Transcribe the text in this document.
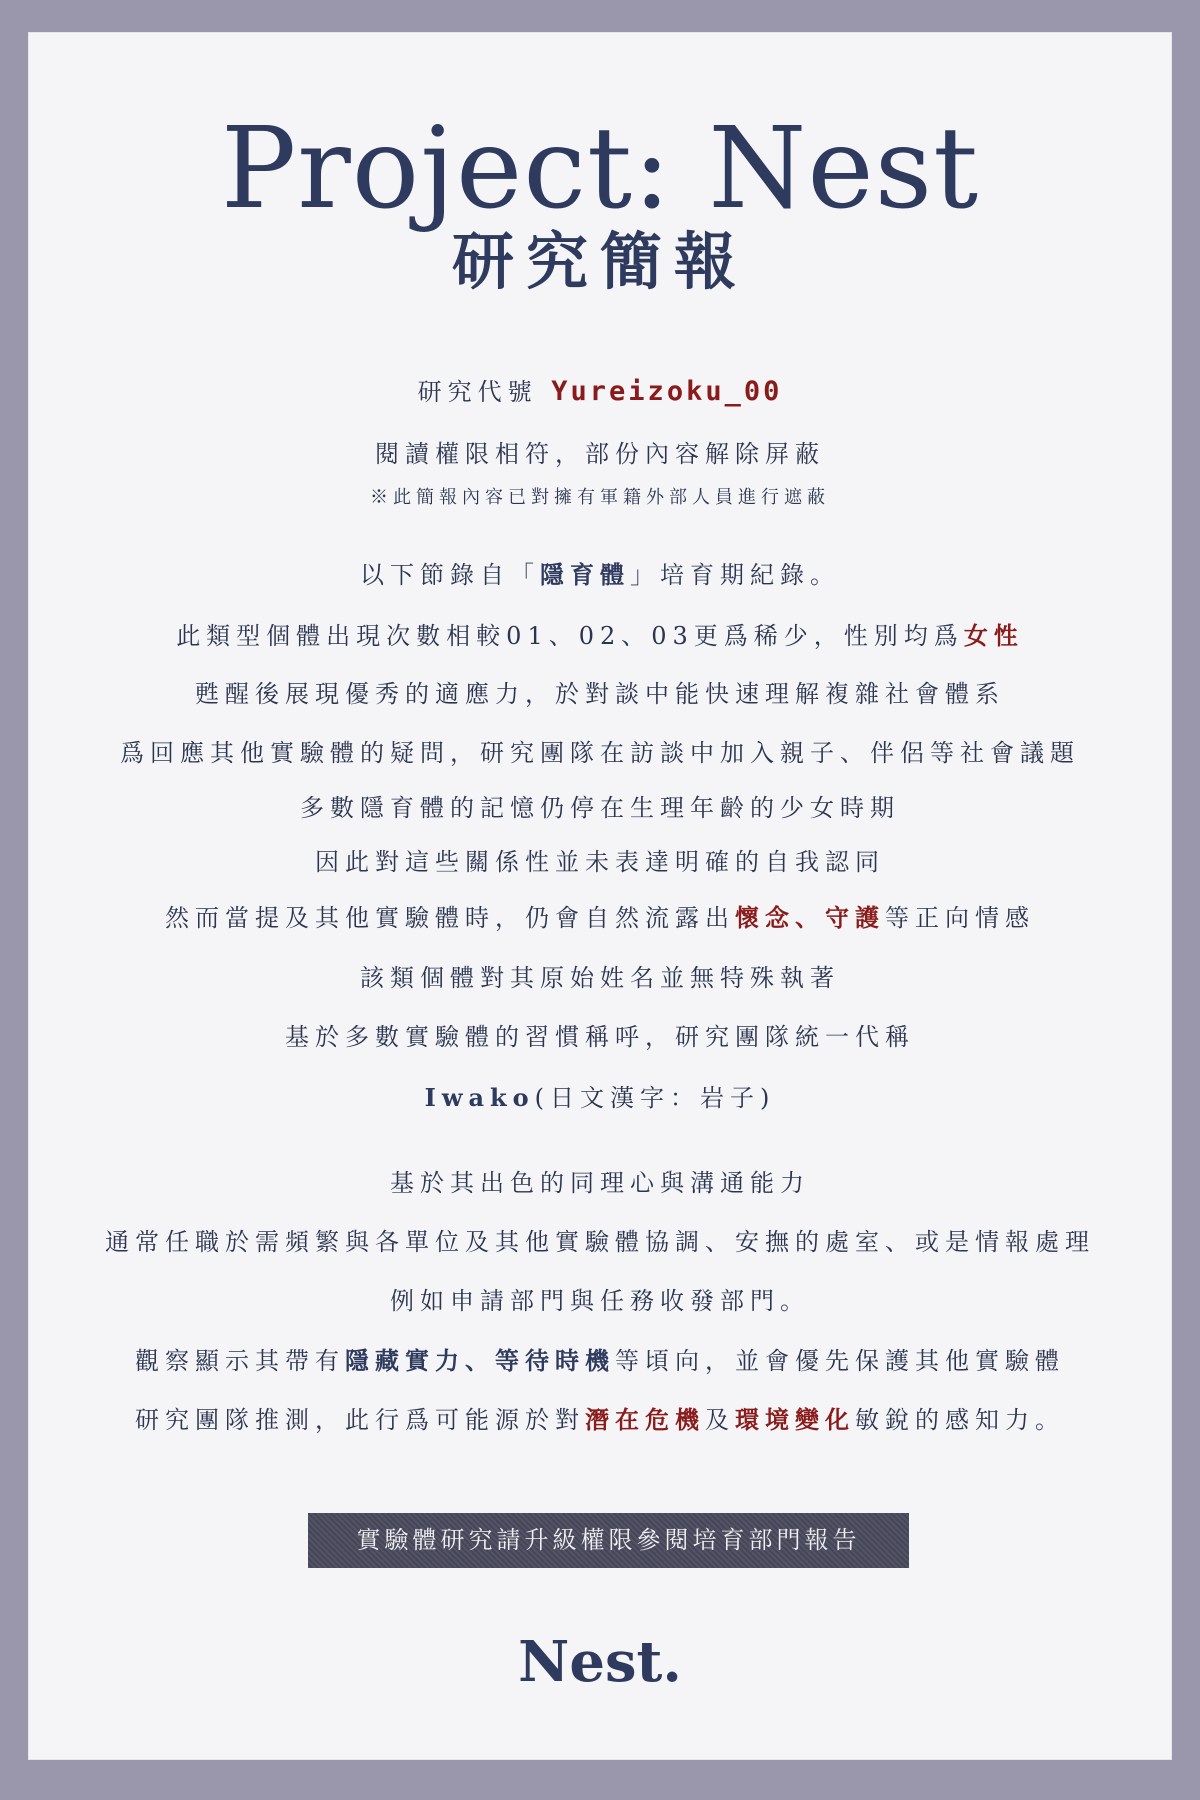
Project: Nest
研究簡報
研究代號 Yureizoku_00
閱讀權限相符，部份內容解除屏蔽
※此簡報內容已對擁有軍籍外部人員進行遮蔽
以下節錄自「隱育體」培育期紀錄。
此類型個體出現次數相較01、02、03更爲稀少，性別均爲女性
甦醒後展現優秀的適應力，於對談中能快速理解複雜社會體系
爲回應其他實驗體的疑問，研究團隊在訪談中加入親子、伴侶等社會議題
多數隱育體的記憶仍停在生理年齡的少女時期
因此對這些關係性並未表達明確的自我認同
然而當提及其他實驗體時，仍會自然流露出懷念、守護等正向情感
該類個體對其原始姓名並無特殊執著
基於多數實驗體的習慣稱呼，研究團隊統一代稱
Iwako(日文漢字：岩子)
基於其出色的同理心與溝通能力
通常任職於需頻繁與各單位及其他實驗體協調、安撫的處室、或是情報處理
例如申請部門與任務收發部門。
觀察顯示其帶有隱藏實力、等待時機等頃向，並會優先保護其他實驗體
研究團隊推測，此行爲可能源於對潛在危機及環境變化敏銳的感知力。
實驗體研究請升級權限參閱培育部門報告
Nest.
